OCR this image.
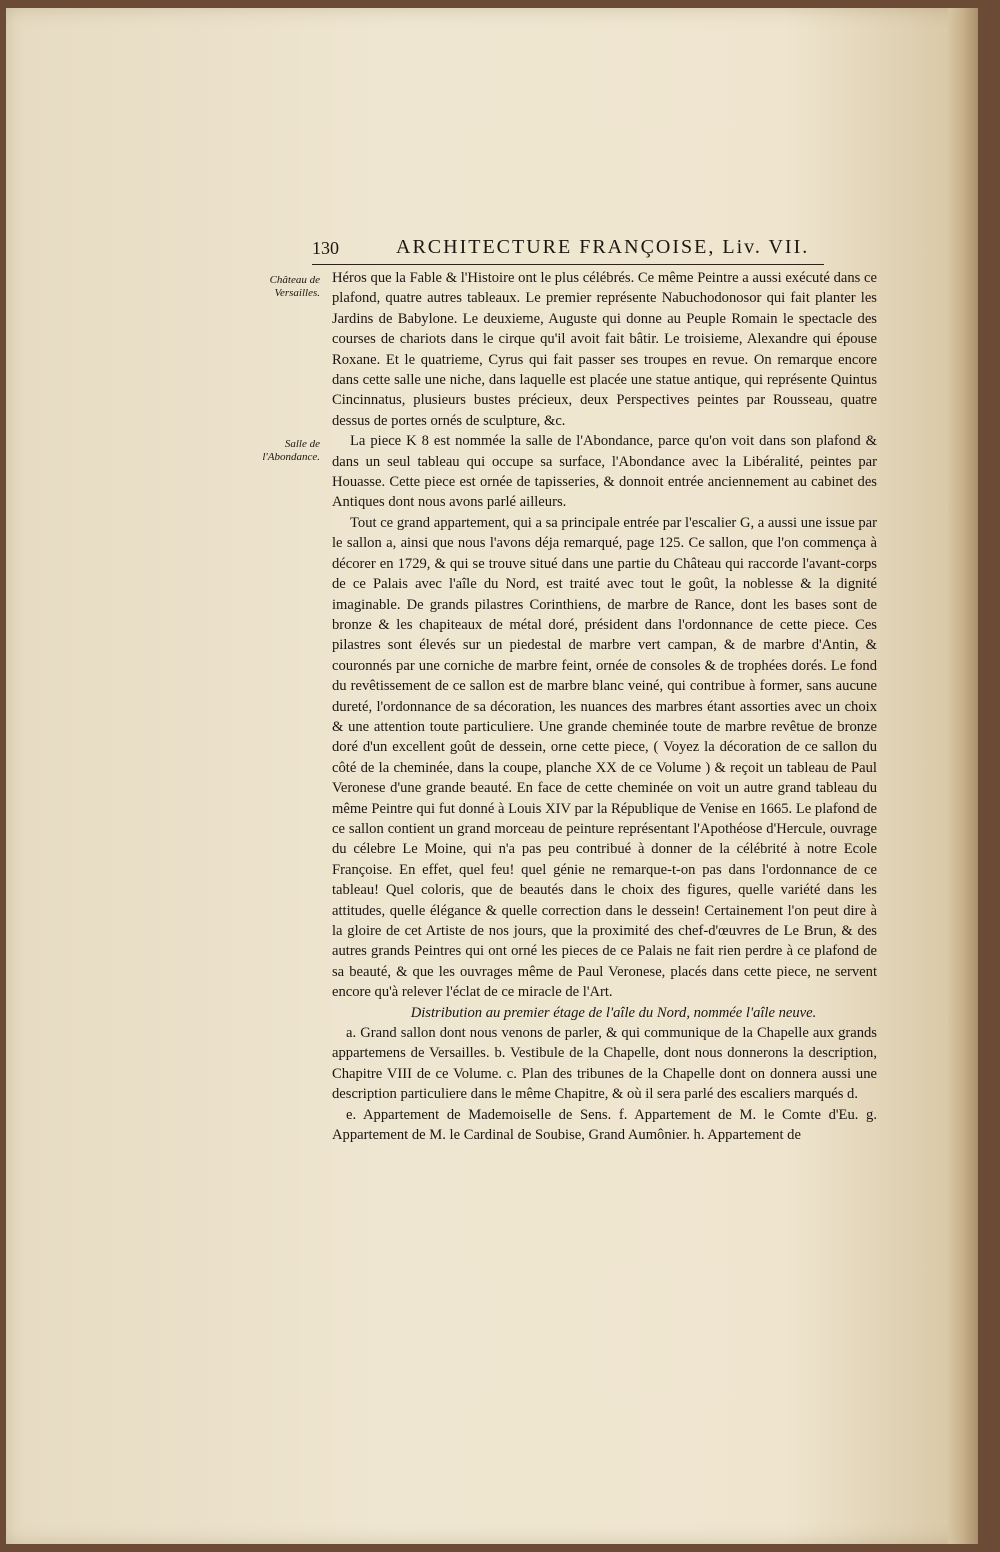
130	ARCHITECTURE FRANÇOISE, Liv. VII.
Château de Versailles.
Salle de l'Abondance.

Héros que la Fable & l'Histoire ont le plus célébrés. Ce même Peintre a aussi exécuté dans ce plafond, quatre autres tableaux. Le premier représente Nabuchodonosor qui fait planter les Jardins de Babylone. Le deuxieme, Auguste qui donne au Peuple Romain le spectacle des courses de chariots dans le cirque qu'il avoit fait bâtir. Le troisieme, Alexandre qui épouse Roxane. Et le quatrieme, Cyrus qui fait passer ses troupes en revue. On remarque encore dans cette salle une niche, dans laquelle est placée une statue antique, qui représente Quintus Cincinnatus, plusieurs bustes précieux, deux Perspectives peintes par Rousseau, quatre dessus de portes ornés de sculpture, &c.

La piece K 8 est nommée la salle de l'Abondance, parce qu'on voit dans son plafond & dans un seul tableau qui occupe sa surface, l'Abondance avec la Libéralité, peintes par Houasse. Cette piece est ornée de tapisseries, & donnoit entrée anciennement au cabinet des Antiques dont nous avons parlé ailleurs.

Tout ce grand appartement, qui a sa principale entrée par l'escalier G, a aussi une issue par le sallon a, ainsi que nous l'avons déja remarqué, page 125. Ce sallon, que l'on commença à décorer en 1729, & qui se trouve situé dans une partie du Château qui raccorde l'avant-corps de ce Palais avec l'aîle du Nord, est traité avec tout le goût, la noblesse & la dignité imaginable. De grands pilastres Corinthiens, de marbre de Rance, dont les bases sont de bronze & les chapiteaux de métal doré, président dans l'ordonnance de cette piece. Ces pilastres sont élevés sur un piedestal de marbre vert campan, & de marbre d'Antin, & couronnés par une corniche de marbre feint, ornée de consoles & de trophées dorés. Le fond du revêtissement de ce sallon est de marbre blanc veiné, qui contribue à former, sans aucune dureté, l'ordonnance de sa décoration, les nuances des marbres étant assorties avec un choix & une attention toute particuliere. Une grande cheminée toute de marbre revêtue de bronze doré d'un excellent goût de dessein, orne cette piece, ( Voyez la décoration de ce sallon du côté de la cheminée, dans la coupe, planche XX de ce Volume ) & reçoit un tableau de Paul Veronese d'une grande beauté. En face de cette cheminée on voit un autre grand tableau du même Peintre qui fut donné à Louis XIV par la République de Venise en 1665. Le plafond de ce sallon contient un grand morceau de peinture représentant l'Apothéose d'Hercule, ouvrage du célebre Le Moine, qui n'a pas peu contribué à donner de la célébrité à notre Ecole Françoise. En effet, quel feu! quel génie ne remarque-t-on pas dans l'ordonnance de ce tableau! Quel coloris, que de beautés dans le choix des figures, quelle variété dans les attitudes, quelle élégance & quelle correction dans le dessein! Certainement l'on peut dire à la gloire de cet Artiste de nos jours, que la proximité des chef-d'œuvres de Le Brun, & des autres grands Peintres qui ont orné les pieces de ce Palais ne fait rien perdre à ce plafond de sa beauté, & que les ouvrages même de Paul Veronese, placés dans cette piece, ne servent encore qu'à relever l'éclat de ce miracle de l'Art.

Distribution au premier étage de l'aîle du Nord, nommée l'aîle neuve.

a. Grand sallon dont nous venons de parler, & qui communique de la Chapelle aux grands appartemens de Versailles. b. Vestibule de la Chapelle, dont nous donnerons la description, Chapitre VIII de ce Volume. c. Plan des tribunes de la Chapelle dont on donnera aussi une description particuliere dans le même Chapitre, & où il sera parlé des escaliers marqués d.

e. Appartement de Mademoiselle de Sens. f. Appartement de M. le Comte d'Eu. g. Appartement de M. le Cardinal de Soubise, Grand Aumônier. h. Appartement de
